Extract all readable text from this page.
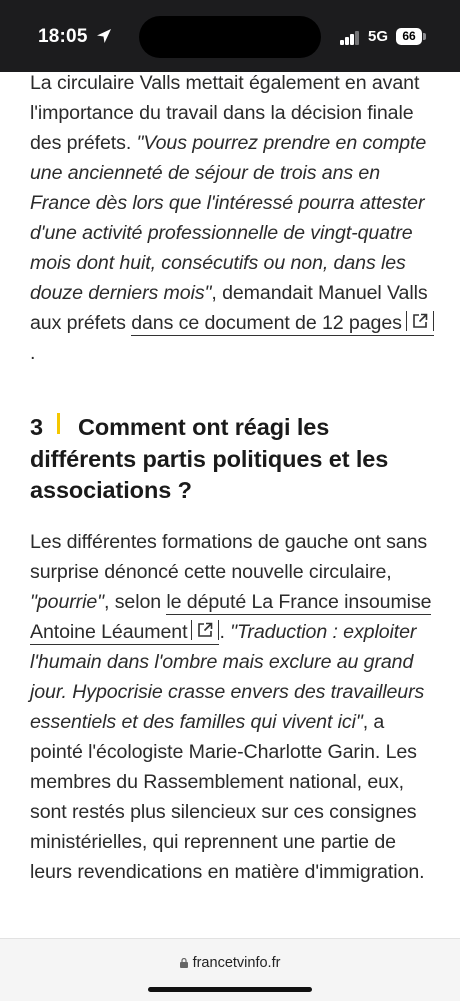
18:05	5G	66

La circulaire Valls mettait également en avant l'importance du travail dans la décision finale des préfets. "Vous pourrez prendre en compte une ancienneté de séjour de trois ans en France dès lors que l'intéressé pourra attester d'une activité professionnelle de vingt-quatre mois dont huit, consécutifs ou non, dans les douze derniers mois", demandait Manuel Valls aux préfets dans ce document de 12 pages
.

3 Comment ont réagi les différents partis politiques et les associations ?

Les différentes formations de gauche ont sans surprise dénoncé cette nouvelle circulaire, "pourrie", selon le député La France insoumise Antoine Léaument . "Traduction : exploiter l'humain dans l'ombre mais exclure au grand jour. Hypocrisie crasse envers des travailleurs essentiels et des familles qui vivent ici", a pointé l'écologiste Marie-Charlotte Garin. Les membres du Rassemblement national, eux, sont restés plus silencieux sur ces consignes ministérielles, qui reprennent une partie de leurs revendications en matière d'immigration.

francetvinfo.fr
